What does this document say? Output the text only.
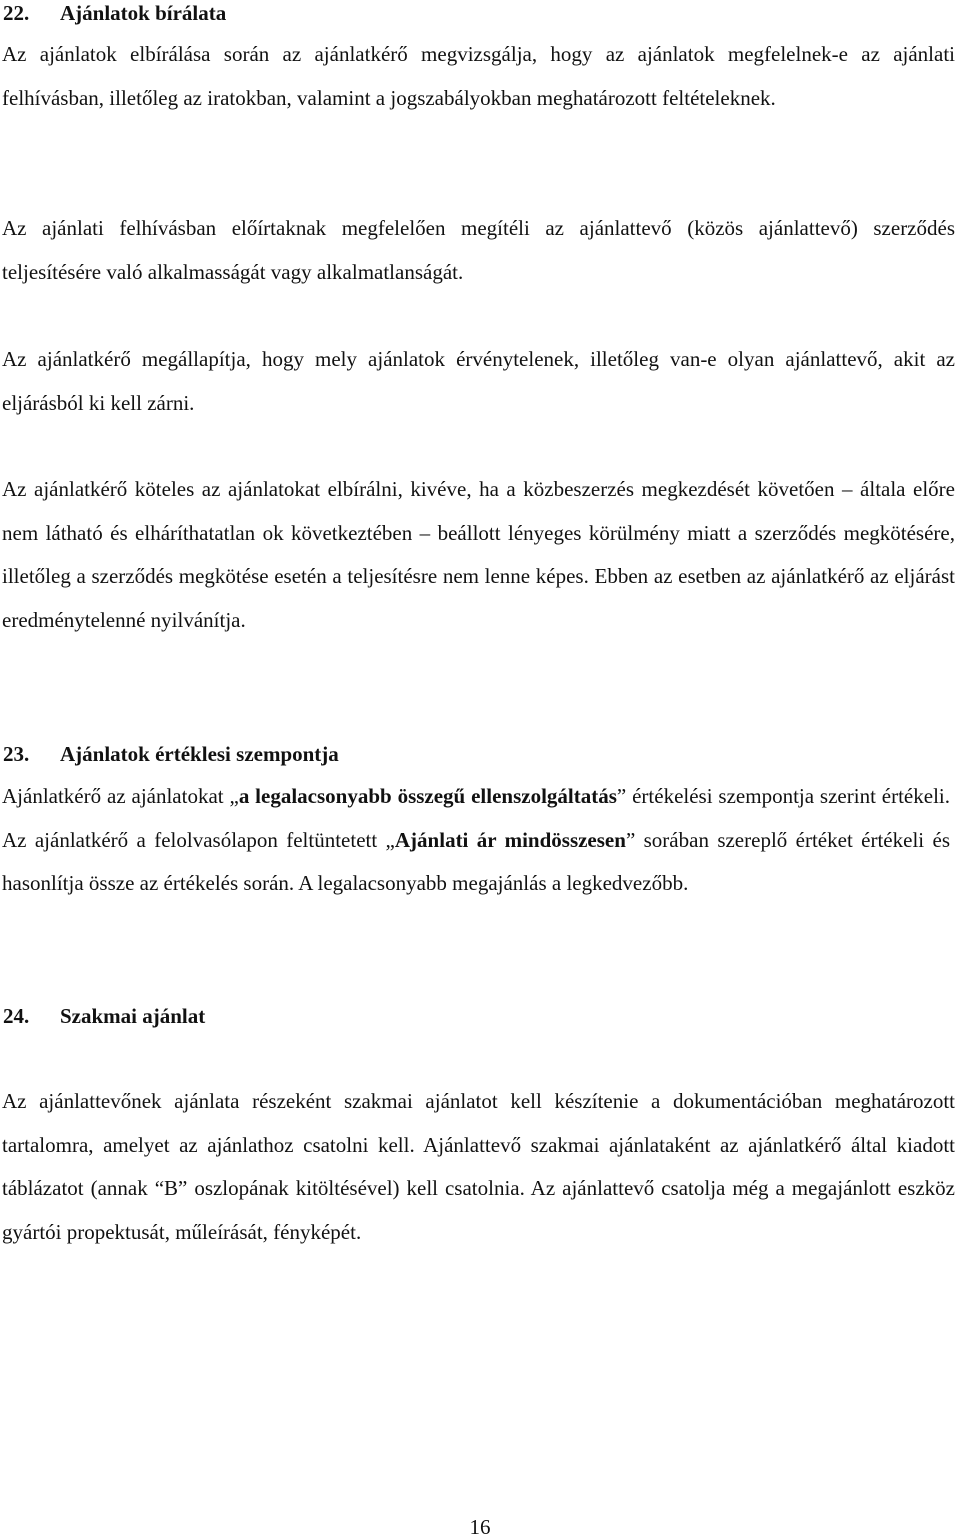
22. Ajánlatok bírálata
Az ajánlatok elbírálása során az ajánlatkérő megvizsgálja, hogy az ajánlatok megfelelnek-e az ajánlati felhívásban, illetőleg az iratokban, valamint a jogszabályokban meghatározott feltételeknek.
Az ajánlati felhívásban előírtaknak megfelelően megítéli az ajánlattevő (közös ajánlattevő) szerződés teljesítésére való alkalmasságát vagy alkalmatlanságát.
Az ajánlatkérő megállapítja, hogy mely ajánlatok érvénytelenek, illetőleg van-e olyan ajánlattevő, akit az eljárásból ki kell zárni.
Az ajánlatkérő köteles az ajánlatokat elbírálni, kivéve, ha a közbeszerzés megkezdését követően – általa előre nem látható és elháríthatatlan ok következtében – beállott lényeges körülmény miatt a szerződés megkötésére, illetőleg a szerződés megkötése esetén a teljesítésre nem lenne képes. Ebben az esetben az ajánlatkérő az eljárást eredménytelenné nyilvánítja.
23. Ajánlatok értéklesi szempontja
Ajánlatkérő az ajánlatokat „a legalacsonyabb összegű ellenszolgáltatás” értékelési szempontja szerint értékeli. Az ajánlatkérő a felolvasólapon feltüntetett „Ajánlati ár mindösszesen” sorában szereplő értéket értékeli és hasonlítja össze az értékelés során. A legalacsonyabb megajánlás a legkedvezőbb.
24. Szakmai ajánlat
Az ajánlattevőnek ajánlata részeként szakmai ajánlatot kell készítenie a dokumentációban meghatározott tartalomra, amelyet az ajánlathoz csatolni kell. Ajánlattevő szakmai ajánlataként az ajánlatkérő által kiadott táblázatot (annak “B” oszlopának kitöltésével) kell csatolnia. Az ajánlattevő csatolja még a megajánlott eszköz gyártói propektusát, műleírását, fényképét.
16
